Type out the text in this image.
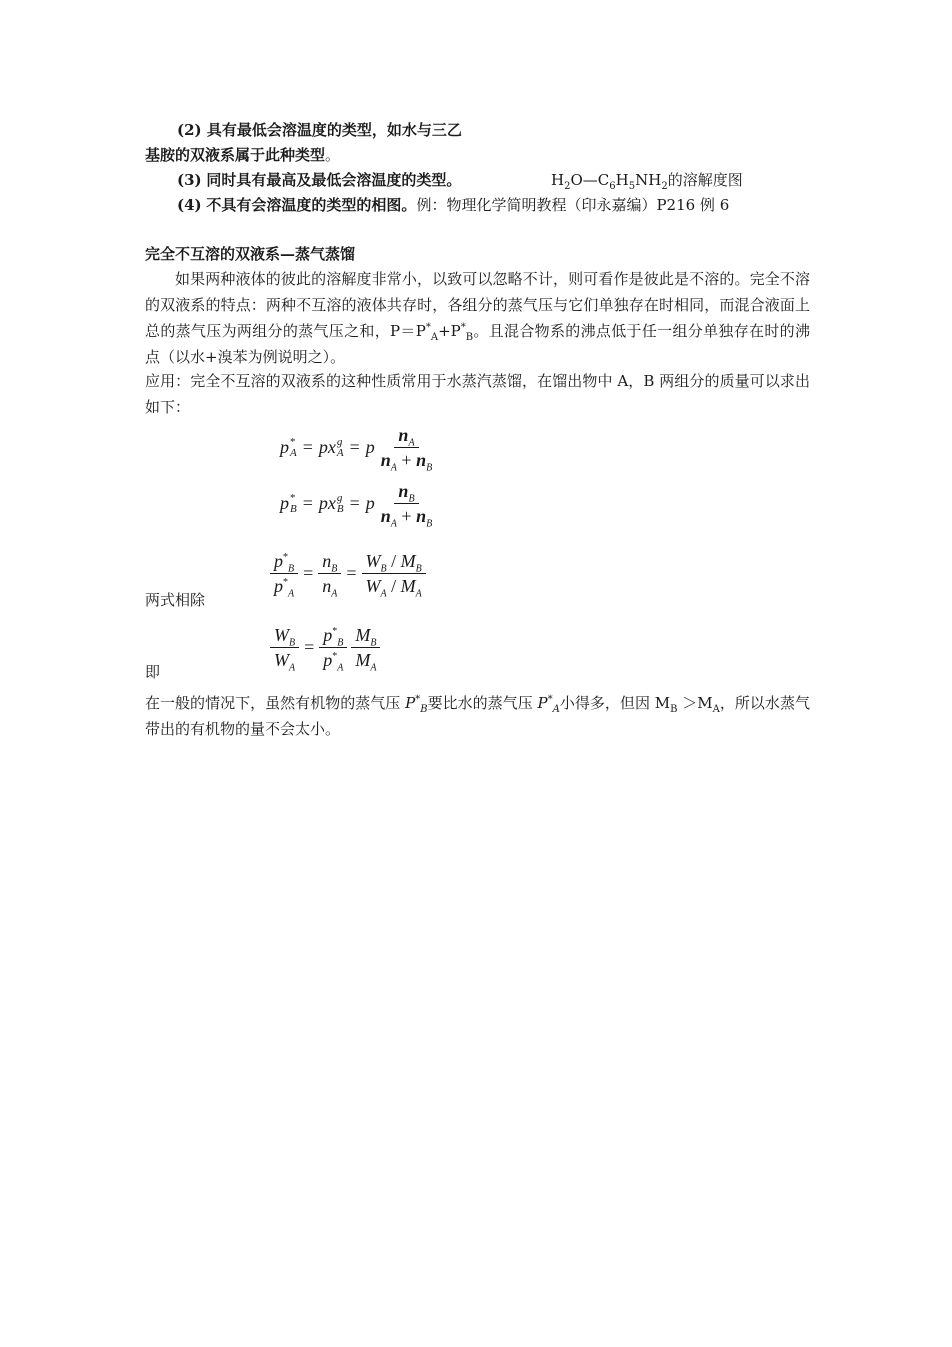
(2) 具有最低会溶温度的类型，如水与三乙
基胺的双液系属于此种类型。
(3) 同时具有最高及最低会溶温度的类型。	$H_2O—C_6H_5NH_2$的溶解度图
(4) 不具有会溶温度的类型的相图。例：物理化学简明教程（印永嘉编）P216 例 6
完全不互溶的双液系—蒸气蒸馏

如果两种液体的彼此的溶解度非常小，以致可以忽略不计，则可看作是彼此是不溶的。完全不溶的双液系的特点：两种不互溶的液体共存时，各组分的蒸气压与它们单独存在时相同，而混合液面上总的蒸气压为两组分的蒸气压之和，$P=P^*_A+P^*_B$。且混合物系的沸点低于任一组分单独存在时的沸点（以水+溴苯为例说明之）。

应用：完全不互溶的双液系的这种性质常用于水蒸汽蒸馏，在馏出物中 A，B 两组分的质量可以求出如下：

p *
A = p x g
A = p $\frac{n_A}{n_A + n_B}$
p *
B = p x g
B = p $\frac{n_B}{n_A + n_B}$
两式相除
$\frac{p^*_B}{p^*_A} = \frac{n_B}{n_A} = \frac{W_B / M_B}{W_A / M_A}$
即
$\frac{W_B}{W_A} = \frac{p^*_B}{p^*_A} \frac{M_B}{M_A}$

在一般的情况下，虽然有机物的蒸气压 $P^*_B$要比水的蒸气压 $P^*_A$小得多，但因 $M_B >M_A$，所以水蒸气带出的有机物的量不会太小。
